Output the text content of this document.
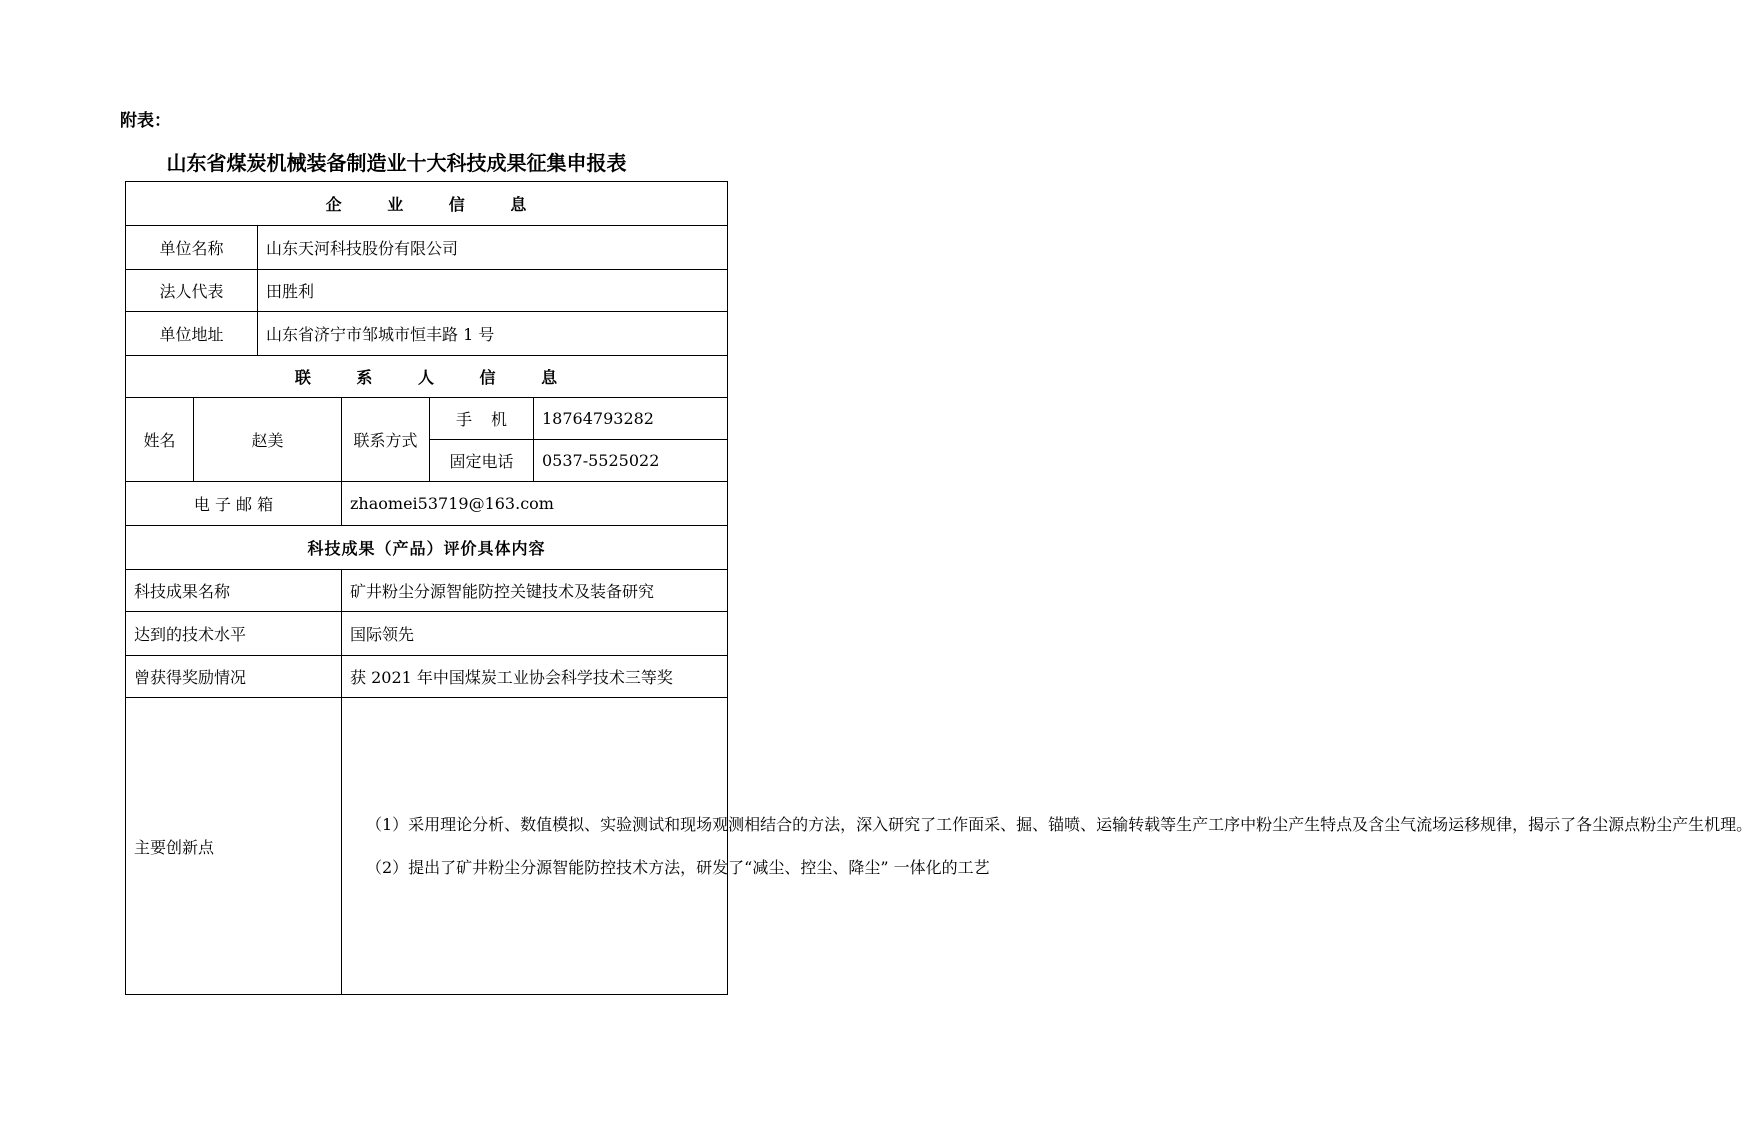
附表：
山东省煤炭机械装备制造业十大科技成果征集申报表
企 业 信 息					
单位名称		山东天河科技股份有限公司			
法人代表		田胜利			
单位地址		山东省济宁市邹城市恒丰路 1 号			
联 系 人 信 息					
姓名	赵美		联系方式	手 机	18764793282
				固定电话	0537-5525022
电 子 邮 箱			zhaomei53719@163.com		
科技成果（产品）评价具体内容					
科技成果名称			矿井粉尘分源智能防控关键技术及装备研究		
达到的技术水平			国际领先		
曾获得奖励情况			获 2021 年中国煤炭工业协会科学技术三等奖		
主要创新点			（1）采用理论分析、数值模拟、实验测试和现场观测相结合的方法，深入研究了工作面采、掘、锚喷、运输转载等生产工序中粉尘产生特点及含尘气流场运移规律，揭示了各尘源点粉尘产生机理。

（2）提出了矿井粉尘分源智能防控技术方法，研发了“减尘、控尘、降尘” 一体化的工艺		
